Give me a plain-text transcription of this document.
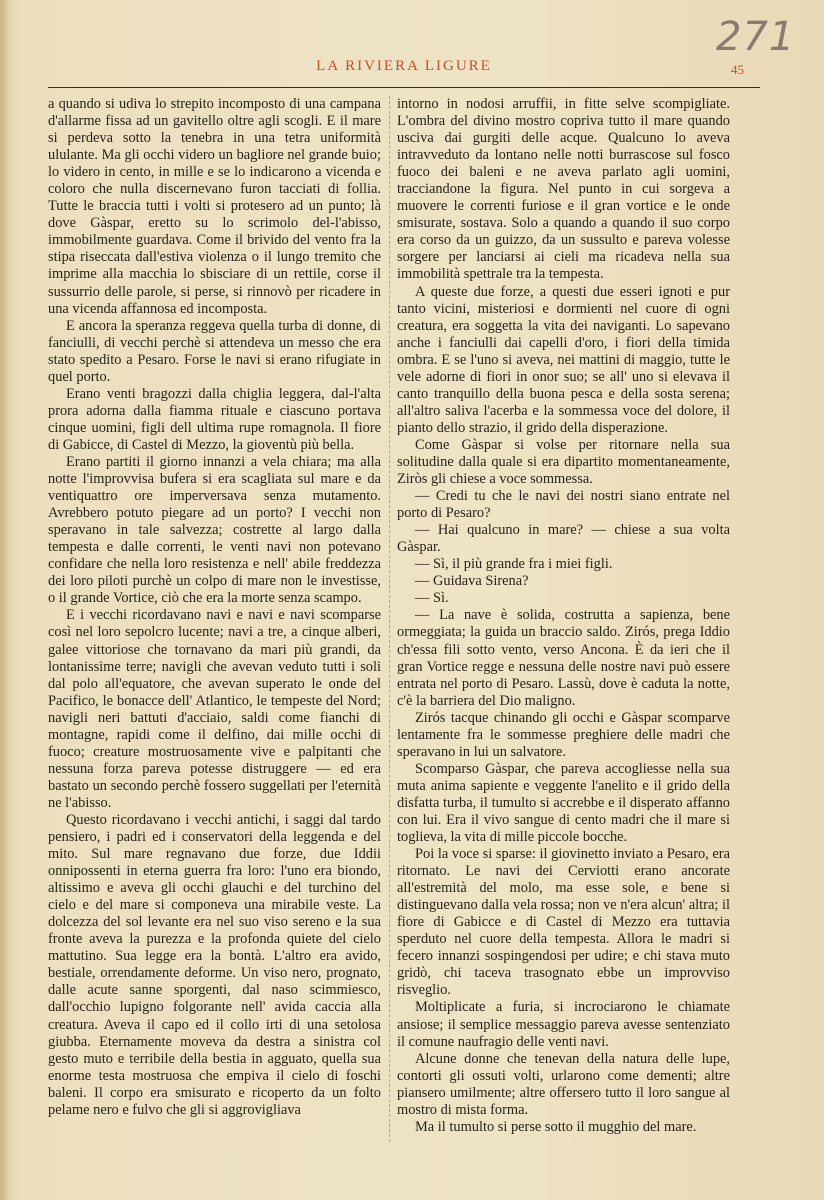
271
LA RIVIERA LIGURE	45

a quando si udiva lo strepito incomposto di una campana d'allarme fissa ad un gavitello oltre agli scogli. E il mare si perdeva sotto la tenebra in una tetra uniformità ululante. Ma gli occhi videro un bagliore nel grande buio; lo videro in cento, in mille e se lo indicarono a vicenda e coloro che nulla discernevano furon tacciati di follia. Tutte le braccia tutti i volti si protesero ad un punto; là dove Gàspar, eretto su lo scrimolo del-l'abisso, immobilmente guardava. Come il brivido del vento fra la stipa riseccata dall'estiva violenza o il lungo tremito che imprime alla macchia lo sbisciare di un rettile, corse il sussurrio delle parole, si perse, si rinnovò per ricadere in una vicenda affannosa ed incomposta.

E ancora la speranza reggeva quella turba di donne, di fanciulli, di vecchi perchè si attendeva un messo che era stato spedito a Pesaro. Forse le navi si erano rifugiate in quel porto.

Erano venti bragozzi dalla chiglia leggera, dal-l'alta prora adorna dalla fiamma rituale e ciascuno portava cinque uomini, figli dell ultima rupe romagnola. Il fiore di Gabicce, di Castel di Mezzo, la gioventù più bella.

Erano partiti il giorno innanzi a vela chiara; ma alla notte l'improvvisa bufera si era scagliata sul mare e da ventiquattro ore imperversava senza mutamento. Avrebbero potuto piegare ad un porto? I vecchi non speravano in tale salvezza; costrette al largo dalla tempesta e dalle correnti, le venti navi non potevano confidare che nella loro resistenza e nell' abile freddezza dei loro piloti purchè un colpo di mare non le investisse, o il grande Vortice, ciò che era la morte senza scampo.

E i vecchi ricordavano navi e navi e navi scomparse così nel loro sepolcro lucente; navi a tre, a cinque alberi, galee vittoriose che tornavano da mari più grandi, da lontanissime terre; navigli che avevan veduto tutti i soli dal polo all'equatore, che avevan superato le onde del Pacifico, le bonacce dell' Atlantico, le tempeste del Nord; navigli neri battuti d'acciaio, saldi come fianchi di montagne, rapidi come il delfino, dai mille occhi di fuoco; creature mostruosamente vive e palpitanti che nessuna forza pareva potesse distruggere — ed era bastato un secondo perchè fossero suggellati per l'eternità ne l'abisso.

Questo ricordavano i vecchi antichi, i saggi dal tardo pensiero, i padri ed i conservatori della leggenda e del mito. Sul mare regnavano due forze, due Iddii onnipossenti in eterna guerra fra loro: l'uno era biondo, altissimo e aveva gli occhi glauchi e del turchino del cielo e del mare si componeva una mirabile veste. La dolcezza del sol levante era nel suo viso sereno e la sua fronte aveva la purezza e la profonda quiete del cielo mattutino. Sua legge era la bontà. L'altro era avido, bestiale, orrendamente deforme. Un viso nero, prognato, dalle acute sanne sporgenti, dal naso scimmiesco, dall'occhio lupigno folgorante nell' avida caccia alla creatura. Aveva il capo ed il collo irti di una setolosa giubba. Eternamente moveva da destra a sinistra col gesto muto e terribile della bestia in agguato, quella sua enorme testa mostruosa che empiva il cielo di foschi baleni. Il corpo era smisurato e ricoperto da un folto pelame nero e fulvo che gli si aggrovigliava

intorno in nodosi arruffii, in fitte selve scompigliate. L'ombra del divino mostro copriva tutto il mare quando usciva dai gurgiti delle acque. Qualcuno lo aveva intravveduto da lontano nelle notti burrascose sul fosco fuoco dei baleni e ne aveva parlato agli uomini, tracciandone la figura. Nel punto in cui sorgeva a muovere le correnti furiose e il gran vortice e le onde smisurate, sostava. Solo a quando a quando il suo corpo era corso da un guizzo, da un sussulto e pareva volesse sorgere per lanciarsi ai cieli ma ricadeva nella sua immobilità spettrale tra la tempesta.

A queste due forze, a questi due esseri ignoti e pur tanto vicini, misteriosi e dormienti nel cuore di ogni creatura, era soggetta la vita dei naviganti. Lo sapevano anche i fanciulli dai capelli d'oro, i fiori della timida ombra. E se l'uno si aveva, nei mattini di maggio, tutte le vele adorne di fiori in onor suo; se all' uno si elevava il canto tranquillo della buona pesca e della sosta serena; all'altro saliva l'acerba e la sommessa voce del dolore, il pianto dello strazio, il grido della disperazione.

Come Gàspar si volse per ritornare nella sua solitudine dalla quale si era dipartito momentaneamente, Ziròs gli chiese a voce sommessa.

— Credi tu che le navi dei nostri siano entrate nel porto di Pesaro?

— Hai qualcuno in mare? — chiese a sua volta Gàspar.

— Sì, il più grande fra i miei figli.

— Guidava Sirena?

— Sì.

— La nave è solida, costrutta a sapienza, bene ormeggiata; la guida un braccio saldo. Zirós, prega Iddio ch'essa fili sotto vento, verso Ancona. È da ieri che il gran Vortice regge e nessuna delle nostre navi può essere entrata nel porto di Pesaro. Lassù, dove è caduta la notte, c'è la barriera del Dio maligno.

Zirós tacque chinando gli occhi e Gàspar scomparve lentamente fra le sommesse preghiere delle madri che speravano in lui un salvatore.

Scomparso Gàspar, che pareva accogliesse nella sua muta anima sapiente e veggente l'anelito e il grido della disfatta turba, il tumulto si accrebbe e il disperato affanno con lui. Era il vivo sangue di cento madri che il mare si toglieva, la vita di mille piccole bocche.

Poi la voce si sparse: il giovinetto inviato a Pesaro, era ritornato. Le navi dei Cerviotti erano ancorate all'estremità del molo, ma esse sole, e bene si distinguevano dalla vela rossa; non ve n'era alcun' altra; il fiore di Gabicce e di Castel di Mezzo era tuttavia sperduto nel cuore della tempesta. Allora le madri si fecero innanzi sospingendosi per udire; e chi stava muto gridò, chi taceva trasognato ebbe un improvviso risveglio.

Moltiplicate a furia, si incrociarono le chiamate ansiose; il semplice messaggio pareva avesse sentenziato il comune naufragio delle venti navi.

Alcune donne che tenevan della natura delle lupe, contorti gli ossuti volti, urlarono come dementi; altre piansero umilmente; altre offersero tutto il loro sangue al mostro di mista forma.

Ma il tumulto si perse sotto il mugghio del mare.
